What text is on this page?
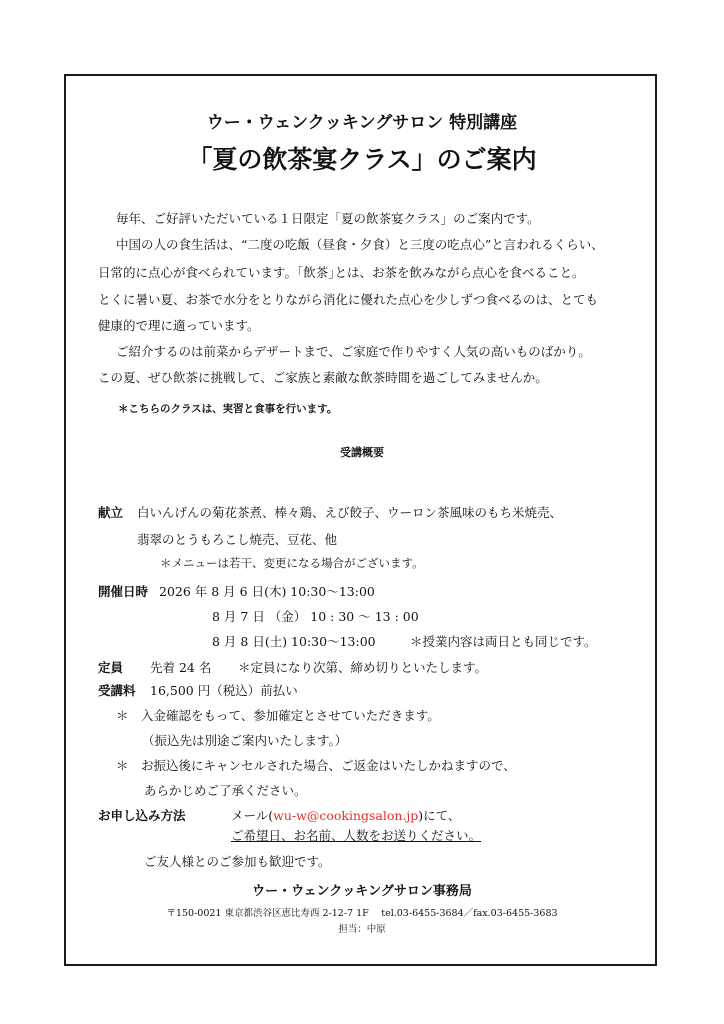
ウー・ウェンクッキングサロン 特別講座
「夏の飲茶宴クラス」のご案内
毎年、ご好評いただいている１日限定「夏の飲茶宴クラス」のご案内です。
中国の人の食生活は、“二度の吃飯（昼食・夕食）と三度の吃点心”と言われるくらい、
日常的に点心が食べられています。｢飲茶｣とは、お茶を飲みながら点心を食べること。
とくに暑い夏、お茶で水分をとりながら消化に優れた点心を少しずつ食べるのは、とても
健康的で理に適っています。
ご紹介するのは前菜からデザートまで、ご家庭で作りやすく人気の高いものばかり。
この夏、ぜひ飲茶に挑戦して、ご家族と素敵な飲茶時間を過ごしてみませんか。
＊こちらのクラスは、実習と食事を行います。
受講概要
献立 白いんげんの菊花茶煮、棒々鶏、えび餃子、ウーロン茶風味のもち米焼売、
翡翠のとうもろこし焼売、豆花、他
＊メニューは若干、変更になる場合がございます。
開催日時 2026 年 8 月 6 日(木) 10:30～13:00
8 月 7 日 （金） 10 : 30 ～ 13 : 00
8 月 8 日(土) 10:30～13:00	＊授業内容は両日とも同じです。
定員 先着 24 名 ＊定員になり次第、締め切りといたします。
受講料 16,500 円（税込）前払い
＊　入金確認をもって、参加確定とさせていただきます。
（振込先は別途ご案内いたします。）
＊　お振込後にキャンセルされた場合、ご返金はいたしかねますので、
あらかじめご了承ください。
お申し込み方法	メール(wu-w@cookingsalon.jp)にて、
ご希望日、お名前、人数をお送りください。
ご友人様とのご参加も歓迎です。
ウー・ウェンクッキングサロン事務局
〒150-0021 東京都渋谷区恵比寿西 2-12-7 1F　 tel.03-6455-3684／fax.03-6455-3683
担当：中原
